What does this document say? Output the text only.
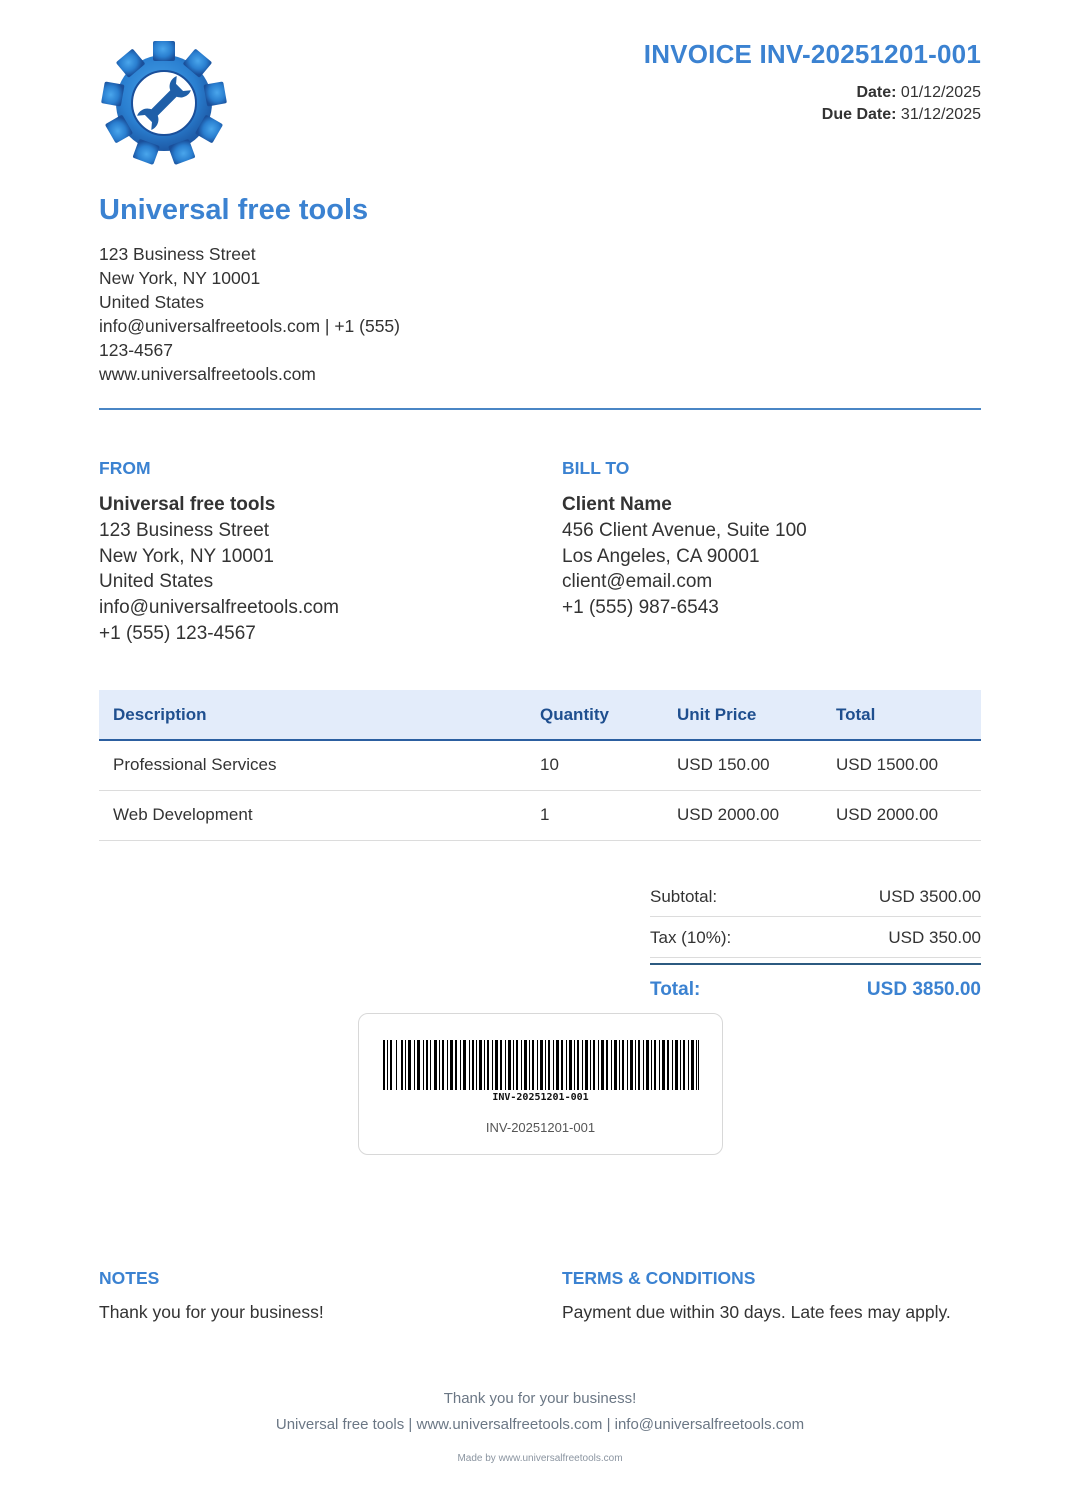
INVOICE INV-20251201-001
Date: 01/12/2025
Due Date: 31/12/2025
Universal free tools
123 Business Street
New York, NY 10001
United States
info@universalfreetools.com | +1 (555) 123-4567
www.universalfreetools.com
FROM
Universal free tools
123 Business Street
New York, NY 10001
United States
info@universalfreetools.com
+1 (555) 123-4567
BILL TO
Client Name
456 Client Avenue, Suite 100
Los Angeles, CA 90001
client@email.com
+1 (555) 987-6543
Description	Quantity	Unit Price	Total
Professional Services	10	USD 150.00	USD 1500.00
Web Development	1	USD 2000.00	USD 2000.00
Subtotal:	USD 3500.00
Tax (10%):	USD 350.00
Total:	USD 3850.00
INV-20251201-001
INV-20251201-001
NOTES
Thank you for your business!
TERMS & CONDITIONS
Payment due within 30 days. Late fees may apply.
Thank you for your business!
Universal free tools | www.universalfreetools.com | info@universalfreetools.com
Made by www.universalfreetools.com
